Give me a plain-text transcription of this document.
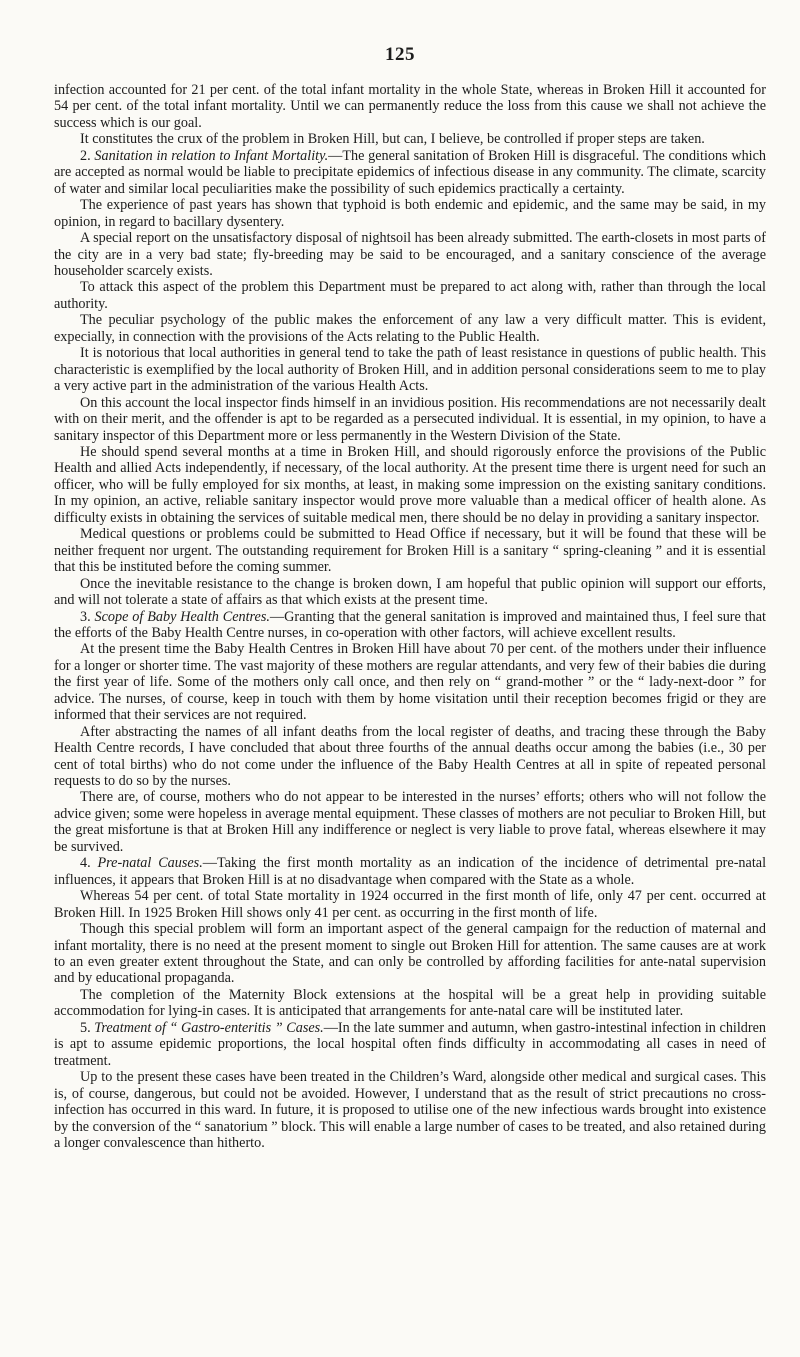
125

infection accounted for 21 per cent. of the total infant mortality in the whole State, whereas in Broken Hill it accounted for 54 per cent. of the total infant mortality. Until we can permanently reduce the loss from this cause we shall not achieve the success which is our goal.

It constitutes the crux of the problem in Broken Hill, but can, I believe, be controlled if proper steps are taken.

2. Sanitation in relation to Infant Mortality.—The general sanitation of Broken Hill is disgraceful. The conditions which are accepted as normal would be liable to precipitate epidemics of infectious disease in any community. The climate, scarcity of water and similar local peculiarities make the possibility of such epidemics practically a certainty.

The experience of past years has shown that typhoid is both endemic and epidemic, and the same may be said, in my opinion, in regard to bacillary dysentery.

A special report on the unsatisfactory disposal of nightsoil has been already submitted. The earth-closets in most parts of the city are in a very bad state; fly-breeding may be said to be encouraged, and a sanitary conscience of the average householder scarcely exists.

To attack this aspect of the problem this Department must be prepared to act along with, rather than through the local authority.

The peculiar psychology of the public makes the enforcement of any law a very difficult matter. This is evident, expecially, in connection with the provisions of the Acts relating to the Public Health.

It is notorious that local authorities in general tend to take the path of least resistance in questions of public health. This characteristic is exemplified by the local authority of Broken Hill, and in addition personal considerations seem to me to play a very active part in the administration of the various Health Acts.

On this account the local inspector finds himself in an invidious position. His recommendations are not necessarily dealt with on their merit, and the offender is apt to be regarded as a persecuted individual. It is essential, in my opinion, to have a sanitary inspector of this Department more or less permanently in the Western Division of the State.

He should spend several months at a time in Broken Hill, and should rigorously enforce the provisions of the Public Health and allied Acts independently, if necessary, of the local authority. At the present time there is urgent need for such an officer, who will be fully employed for six months, at least, in making some impression on the existing sanitary conditions. In my opinion, an active, reliable sanitary inspector would prove more valuable than a medical officer of health alone. As difficulty exists in obtaining the services of suitable medical men, there should be no delay in providing a sanitary inspector.

Medical questions or problems could be submitted to Head Office if necessary, but it will be found that these will be neither frequent nor urgent. The outstanding requirement for Broken Hill is a sanitary “ spring-cleaning ” and it is essential that this be instituted before the coming summer.

Once the inevitable resistance to the change is broken down, I am hopeful that public opinion will support our efforts, and will not tolerate a state of affairs as that which exists at the present time.

3. Scope of Baby Health Centres.—Granting that the general sanitation is improved and maintained thus, I feel sure that the efforts of the Baby Health Centre nurses, in co-operation with other factors, will achieve excellent results.

At the present time the Baby Health Centres in Broken Hill have about 70 per cent. of the mothers under their influence for a longer or shorter time. The vast majority of these mothers are regular attendants, and very few of their babies die during the first year of life. Some of the mothers only call once, and then rely on “ grand-mother ” or the “ lady-next-door ” for advice. The nurses, of course, keep in touch with them by home visitation until their reception becomes frigid or they are informed that their services are not required.

After abstracting the names of all infant deaths from the local register of deaths, and tracing these through the Baby Health Centre records, I have concluded that about three fourths of the annual deaths occur among the babies (i.e., 30 per cent of total births) who do not come under the influence of the Baby Health Centres at all in spite of repeated personal requests to do so by the nurses.

There are, of course, mothers who do not appear to be interested in the nurses’ efforts; others who will not follow the advice given; some were hopeless in average mental equipment. These classes of mothers are not peculiar to Broken Hill, but the great misfortune is that at Broken Hill any indifference or neglect is very liable to prove fatal, whereas elsewhere it may be survived.

4. Pre-natal Causes.—Taking the first month mortality as an indication of the incidence of detrimental pre-natal influences, it appears that Broken Hill is at no disadvantage when compared with the State as a whole.

Whereas 54 per cent. of total State mortality in 1924 occurred in the first month of life, only 47 per cent. occurred at Broken Hill. In 1925 Broken Hill shows only 41 per cent. as occurring in the first month of life.

Though this special problem will form an important aspect of the general campaign for the reduction of maternal and infant mortality, there is no need at the present moment to single out Broken Hill for attention. The same causes are at work to an even greater extent throughout the State, and can only be controlled by affording facilities for ante-natal supervision and by educational propaganda.

The completion of the Maternity Block extensions at the hospital will be a great help in providing suitable accommodation for lying-in cases. It is anticipated that arrangements for ante-natal care will be instituted later.

5. Treatment of “ Gastro-enteritis ” Cases.—In the late summer and autumn, when gastro-intestinal infection in children is apt to assume epidemic proportions, the local hospital often finds difficulty in accommodating all cases in need of treatment.

Up to the present these cases have been treated in the Children’s Ward, alongside other medical and surgical cases. This is, of course, dangerous, but could not be avoided. However, I understand that as the result of strict precautions no cross-infection has occurred in this ward. In future, it is proposed to utilise one of the new infectious wards brought into existence by the conversion of the “ sanatorium ” block. This will enable a large number of cases to be treated, and also retained during a longer convalescence than hitherto.
